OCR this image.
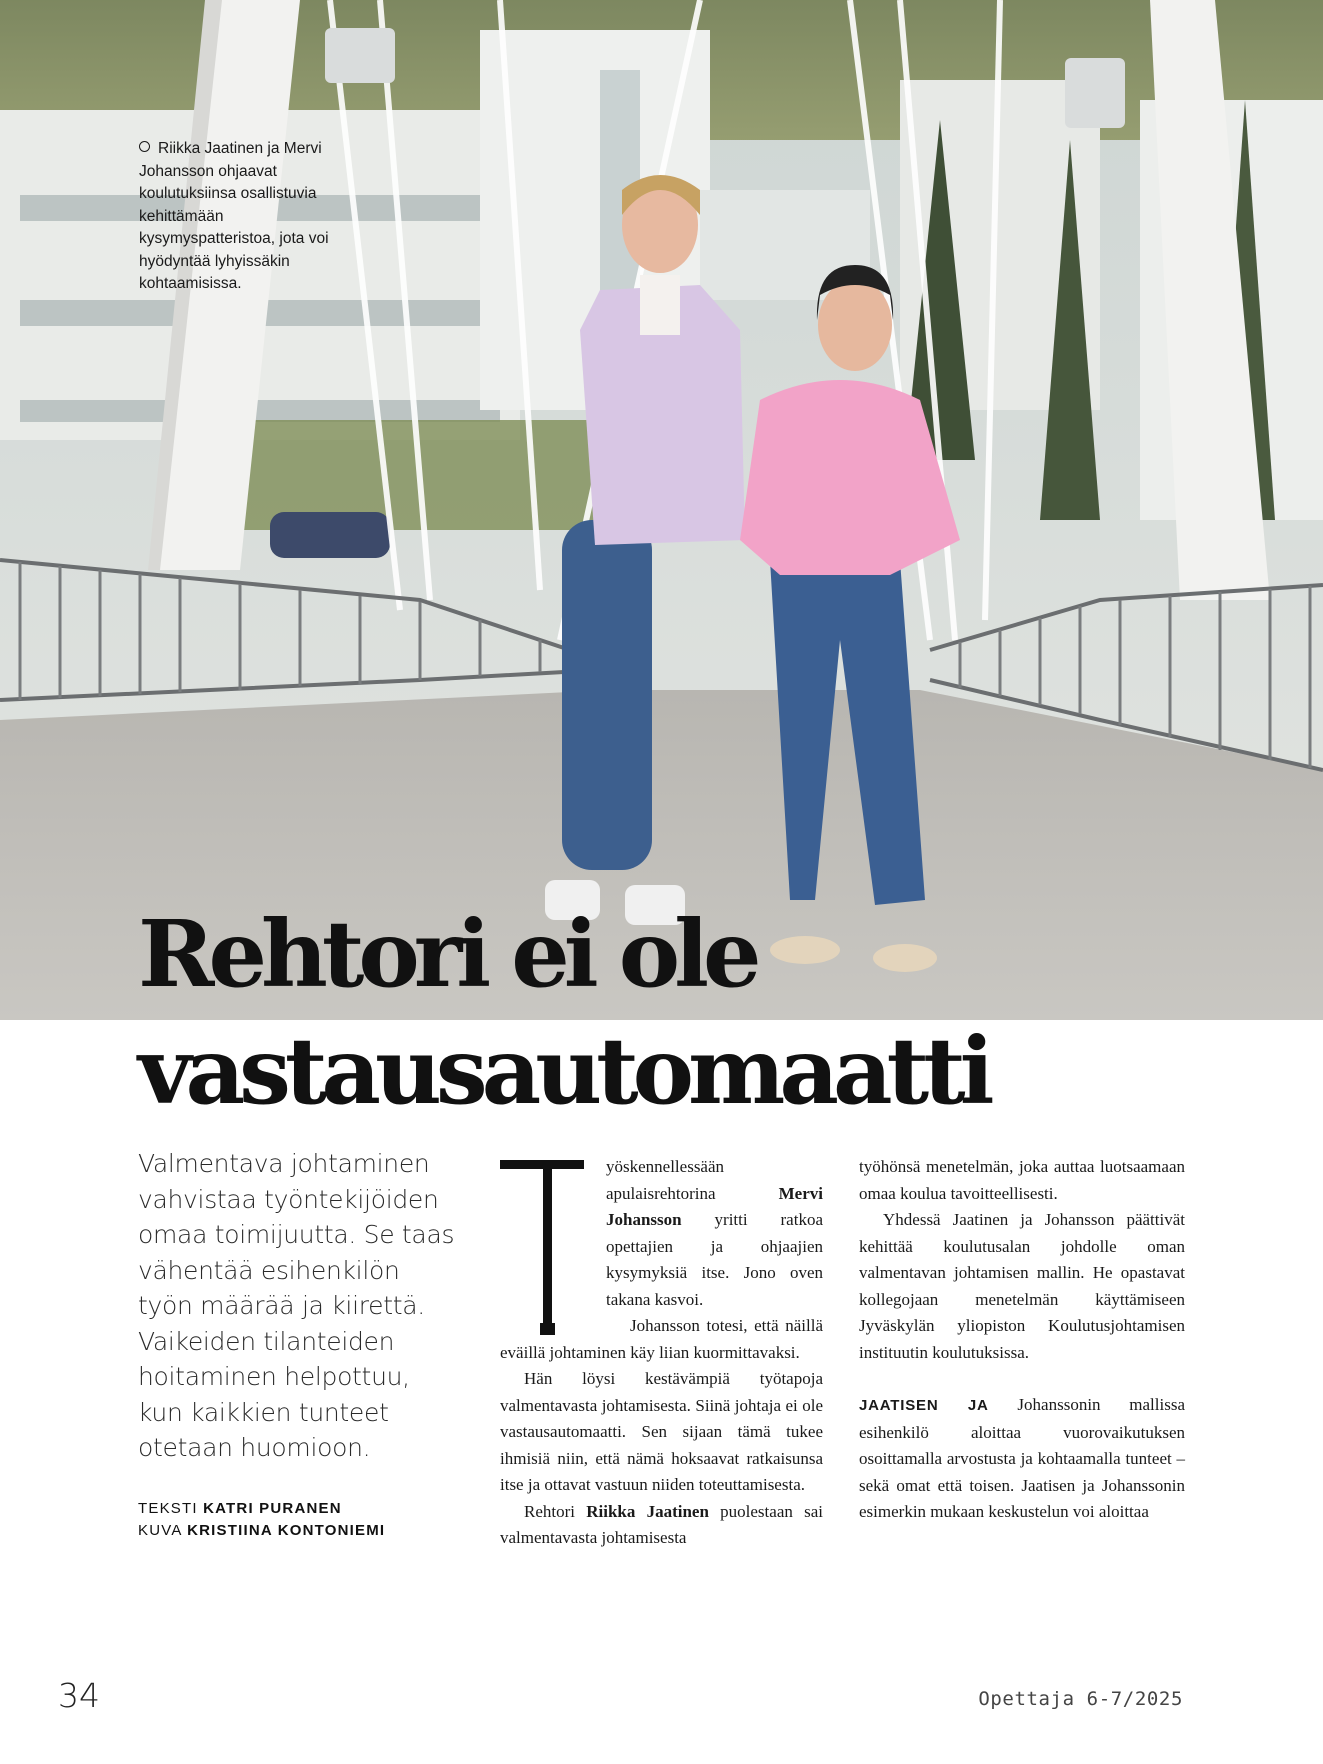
Riikka Jaatinen ja Mervi Johansson ohjaavat koulutuksiinsa osallistuvia kehittämään kysymyspatteristoa, jota voi hyödyntää lyhyissäkin kohtaamisissa.
Rehtori ei ole
vastausautomaatti
Valmentava johtaminen vahvistaa työntekijöiden omaa toimijuutta. Se taas vähentää esihenkilön työn määrää ja kiirettä. Vaikeiden tilanteiden hoitaminen helpottuu, kun kaikkien tunteet otetaan huomioon.
TEKSTI KATRI PURANEN
KUVA KRISTIINA KONTONIEMI

yöskennellessään apulaisrehtorina Mervi Johansson yritti ratkoa opettajien ja ohjaajien kysymyksiä itse. Jono oven takana kasvoi.

Johansson totesi, että näillä eväillä johtaminen käy liian kuormittavaksi.

Hän löysi kestävämpiä työtapoja valmentavasta johtamisesta. Siinä johtaja ei ole vastausautomaatti. Sen sijaan tämä tukee ihmisiä niin, että nämä hoksaavat ratkaisunsa itse ja ottavat vastuun niiden toteuttamisesta.

Rehtori Riikka Jaatinen puolestaan sai valmentavasta johtamisesta

työhönsä menetelmän, joka auttaa luotsaamaan omaa koulua tavoitteellisesti.

Yhdessä Jaatinen ja Johansson päättivät kehittää koulutusalan johdolle oman valmentavan johtamisen mallin. He opastavat kollegojaan menetelmän käyttämiseen Jyväskylän yliopiston Koulutusjohtamisen instituutin koulutuksissa.

JAATISEN JA Johanssonin mallissa esihenkilö aloittaa vuorovaikutuksen osoittamalla arvostusta ja kohtaamalla tunteet – sekä omat että toisen. Jaatisen ja Johanssonin esimerkin mukaan keskustelun voi aloittaa

34	Opettaja 6-7/2025
